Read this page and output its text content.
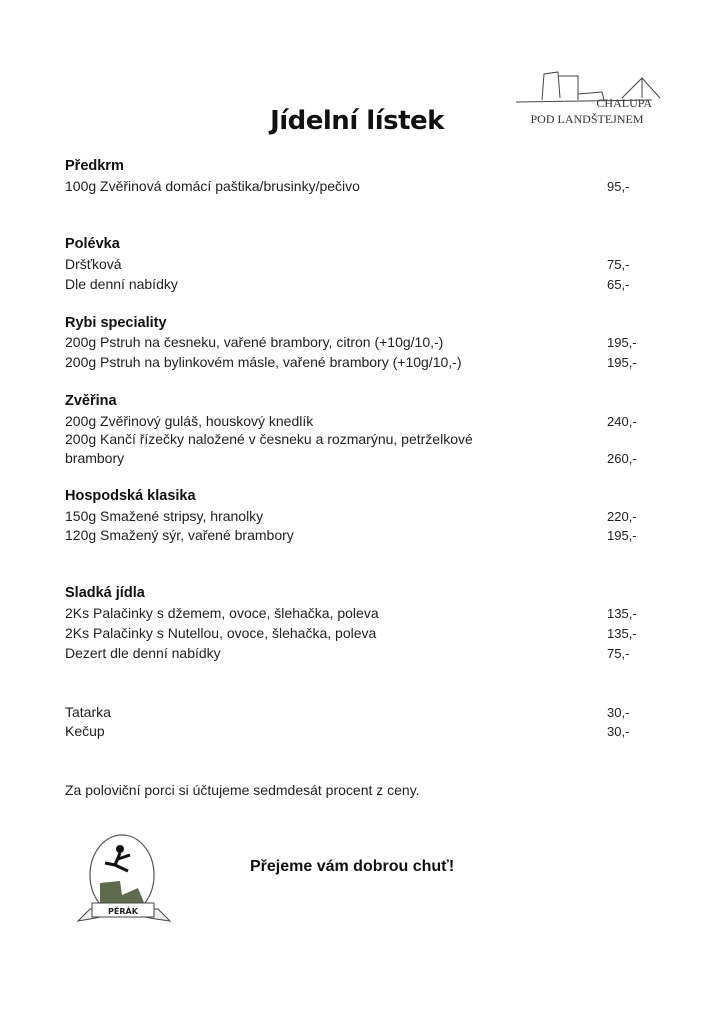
Jídelní lístek
CHALUPA
POD LANDŠTEJNEM
Předkrm
100g Zvěřinová domácí paštika/brusinky/pečivo	95,-
Polévka
Dršťková	75,-
Dle denní nabídky	65,-
Rybi speciality
200g Pstruh na česneku, vařené brambory, citron (+10g/10,-)	195,-
200g Pstruh na bylinkovém másle, vařené brambory (+10g/10,-)	195,-
Zvěřina
200g Zvěřinový guláš, houskový knedlík	240,-
200g Kančí řízečky naložené v česneku a rozmarýnu, petrželkové
brambory	260,-
Hospodská klasika
150g Smažené stripsy, hranolky	220,-
120g Smažený sýr, vařené brambory	195,-
Sladká jídla
2Ks Palačinky s džemem, ovoce, šlehačka, poleva	135,-
2Ks Palačinky s Nutellou, ovoce, šlehačka, poleva	135,-
Dezert dle denní nabídky	75,-
Tatarka	30,-
Kečup	30,-
Za poloviční porci si účtujeme sedmdesát procent z ceny.
PĚRÁK
Přejeme vám dobrou chuť!
